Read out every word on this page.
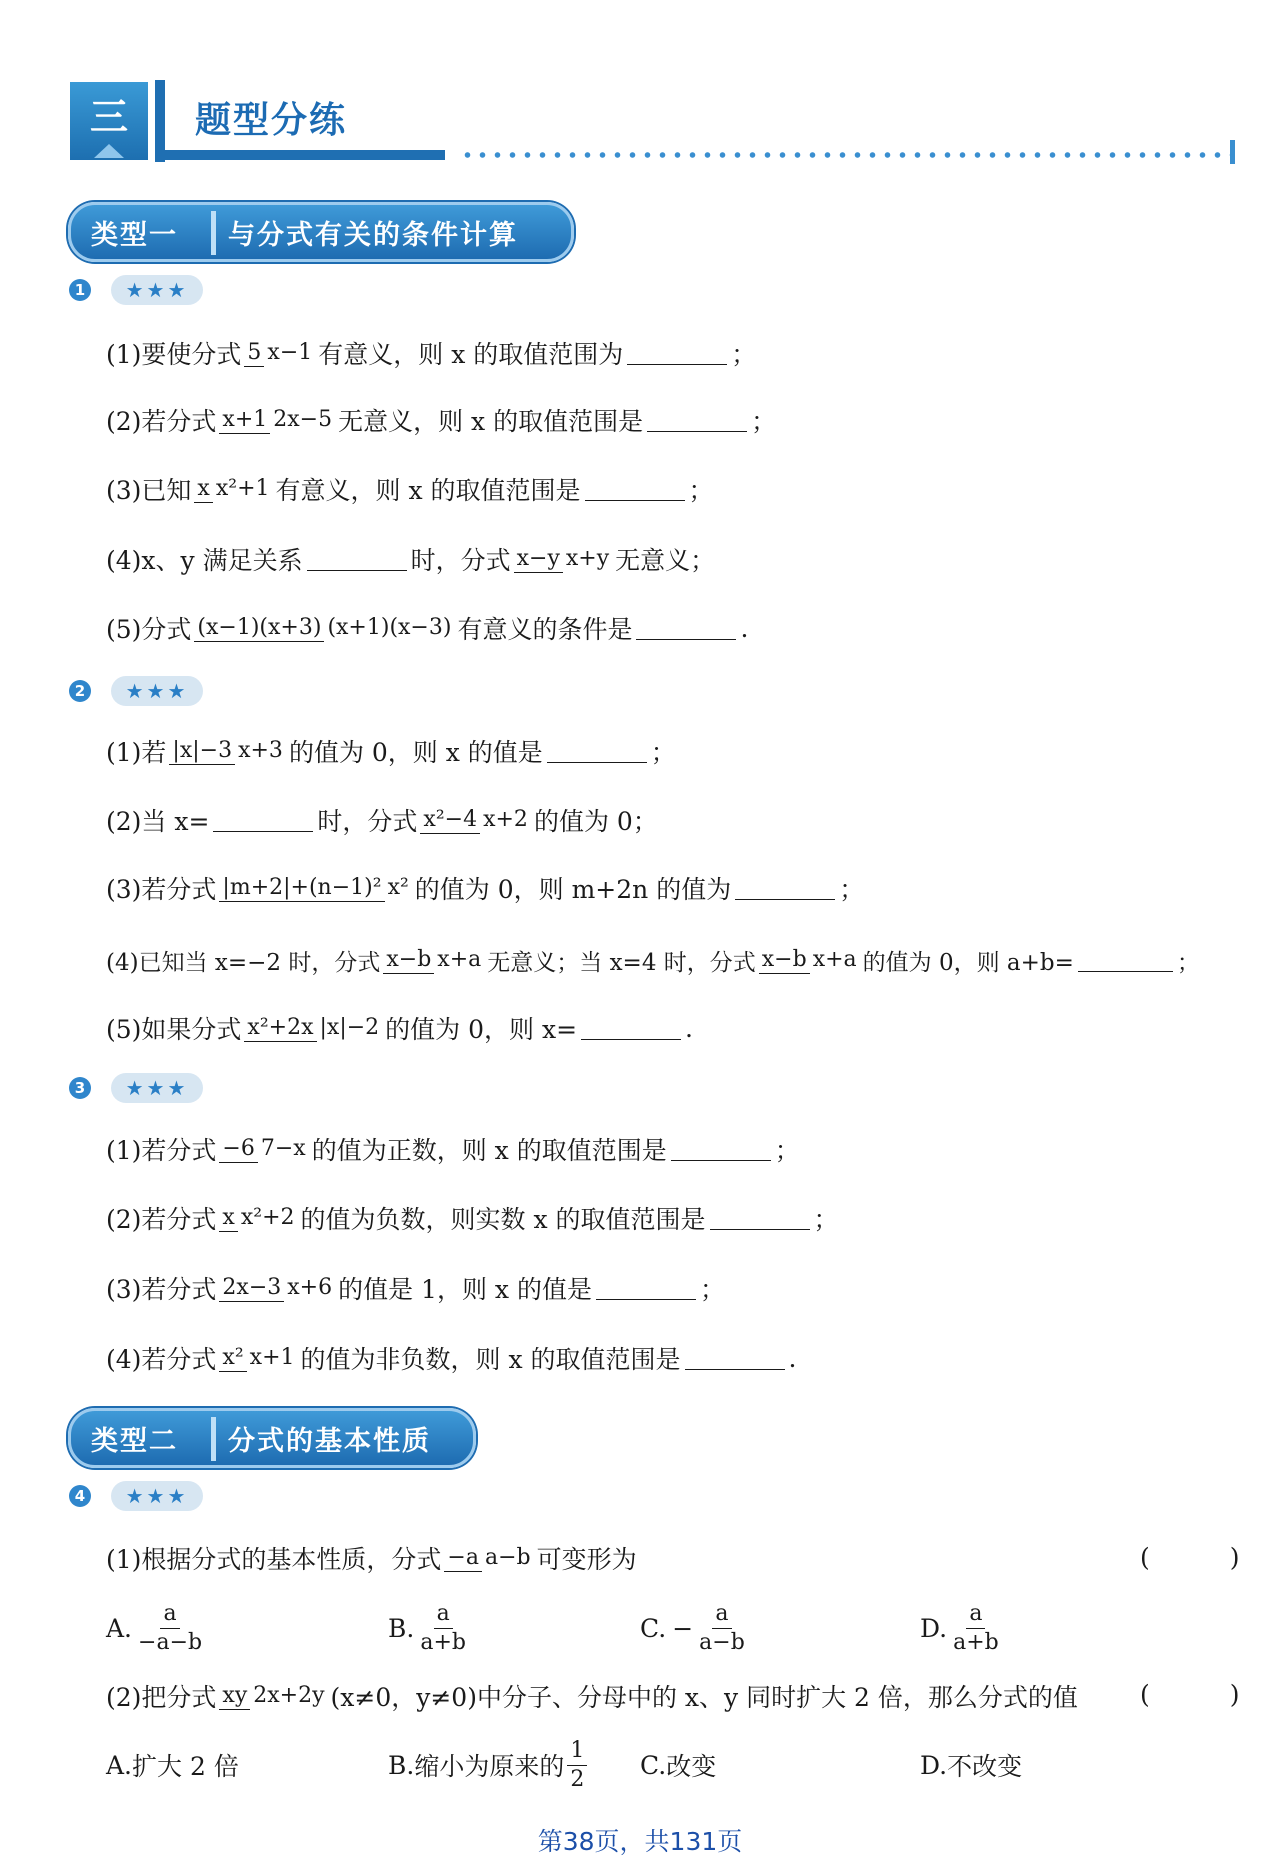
三	题型分练
类型一 与分式有关的条件计算
1	★★★
(1)要使分式 5 x−1 有意义，则 x 的取值范围为	；
(2)若分式 x+1 2x−5 无意义，则 x 的取值范围是	；
(3)已知 x x²+1 有意义，则 x 的取值范围是	；
(4)x、y 满足关系	时，分式 x−y x+y 无意义；
(5)分式 (x−1)(x+3) (x+1)(x−3) 有意义的条件是	.
2	★★★
(1)若 |x|−3 x+3 的值为 0，则 x 的值是	；
(2)当 x=	时，分式 x²−4 x+2 的值为 0；
(3)若分式 |m+2|+(n−1)² x² 的值为 0，则 m+2n 的值为	；
(4)已知当 x=−2 时，分式 x−b x+a 无意义；当 x=4 时，分式 x−b x+a 的值为 0，则 a+b=	；
(5)如果分式 x²+2x |x|−2 的值为 0，则 x=	.
3	★★★
(1)若分式 −6 7−x 的值为正数，则 x 的取值范围是	；
(2)若分式 x x²+2 的值为负数，则实数 x 的取值范围是	；
(3)若分式 2x−3 x+6 的值是 1，则 x 的值是	；
(4)若分式 x² x+1 的值为非负数，则 x 的取值范围是	.
类型二 分式的基本性质
4	★★★
(1)根据分式的基本性质，分式 −a a−b 可变形为	( )
A. $\frac{a}{-a-b}$	B. $\frac{a}{a+b}$	C. − $\frac{a}{a-b}$	D. $\frac{a}{a+b}$
(2)把分式 xy 2x+2y (x≠0，y≠0)中分子、分母中的 x、y 同时扩大 2 倍，那么分式的值 ( )
A. 扩大 2 倍	B. 缩小为原来的 $\frac{1}{2} C$. 改变	D. 不改变
第38页，共131页
